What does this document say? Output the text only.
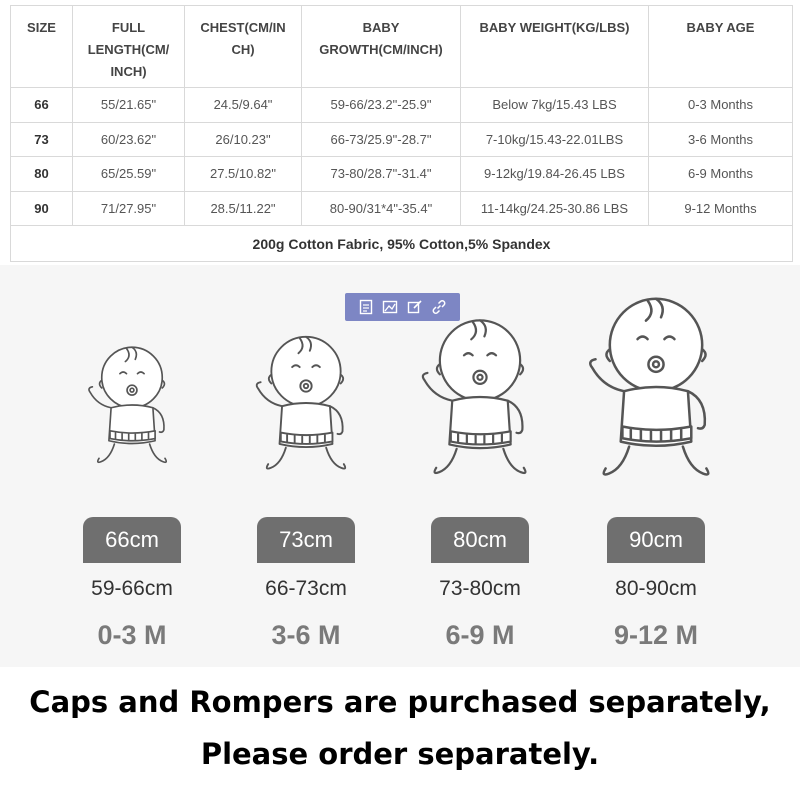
SIZE	FULL LENGTH(CM/ INCH)	CHEST(CM/IN CH)	BABY GROWTH(CM/INCH)	BABY WEIGHT(KG/LBS)	BABY AGE
66	55/21.65"	24.5/9.64"	59-66/23.2"-25.9"	Below 7kg/15.43 LBS	0-3 Months
73	60/23.62"	26/10.23"	66-73/25.9"-28.7"	7-10kg/15.43-22.01LBS	3-6 Months
80	65/25.59"	27.5/10.82"	73-80/28.7"-31.4"	9-12kg/19.84-26.45 LBS	6-9 Months
90	71/27.95"	28.5/11.22"	80-90/31*4"-35.4"	11-14kg/24.25-30.86 LBS	9-12 Months
200g Cotton Fabric, 95% Cotton,5% Spandex					
66cm
59-66cm
0-3 M
73cm
66-73cm
3-6 M
80cm
73-80cm
6-9 M
90cm
80-90cm
9-12 M
Caps and Rompers are purchased separately,
Please order separately.
